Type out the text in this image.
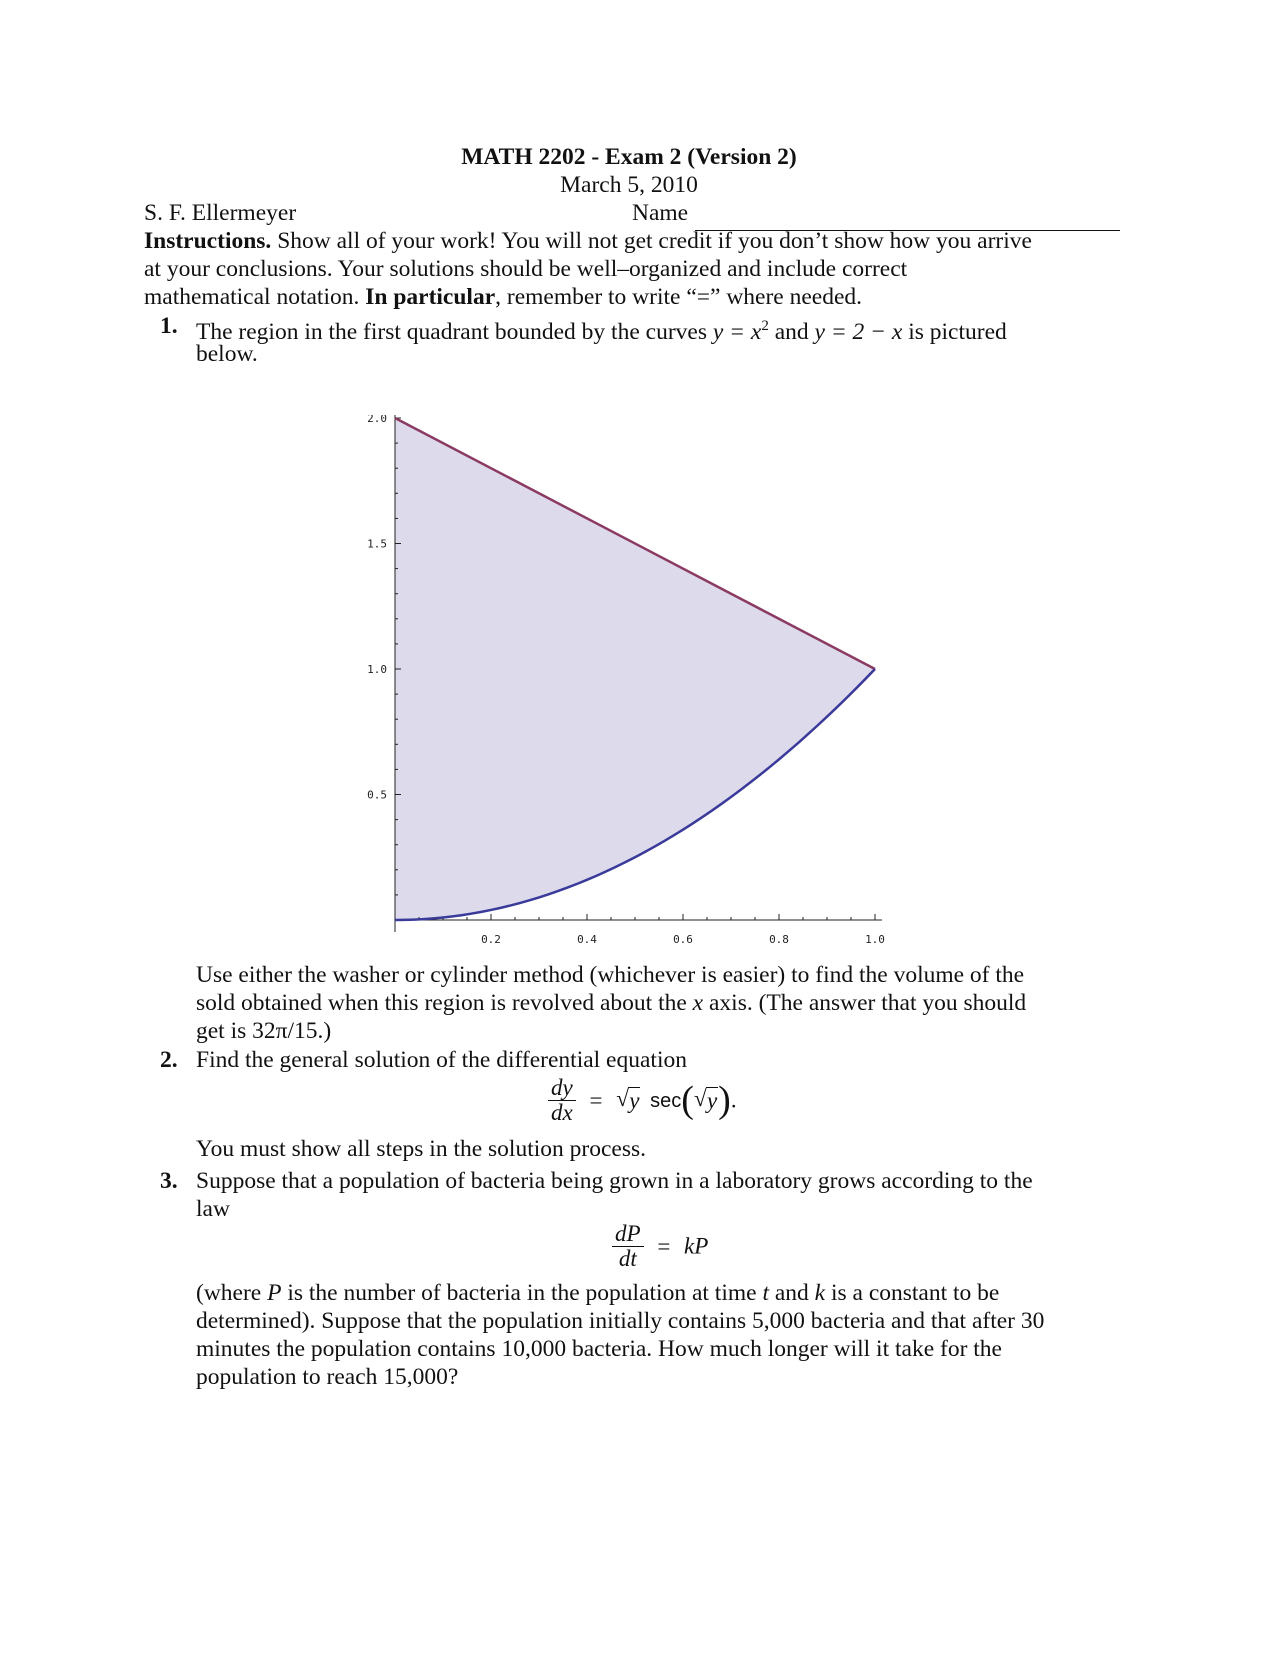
MATH 2202 - Exam 2 (Version 2)
March 5, 2010
S. F. Ellermeyer	Name
Instructions. Show all of your work! You will not get credit if you don’t show how you arrive
at your conclusions. Your solutions should be well–organized and include correct
mathematical notation. In particular, remember to write “=” where needed.
1. The region in the first quadrant bounded by the curves $y = x^2$ and y = 2 − x is pictured
below.
0.2	0.4	0.6	0.8	1.0
0.5
1.0
1.5
2.0
Use either the washer or cylinder method (whichever is easier) to find the volume of the
sold obtained when this region is revolved about the x axis. (The answer that you should
get is 32π/15.)
2. Find the general solution of the differential equation
$\frac{dy}{dx}$ = √ y sec( √ y).
You must show all steps in the solution process.
3. Suppose that a population of bacteria being grown in a laboratory grows according to the
law
$\frac{dP}{dt}$ = kP
(where P is the number of bacteria in the population at time t and k is a constant to be
determined). Suppose that the population initially contains 5,000 bacteria and that after 30
minutes the population contains 10,000 bacteria. How much longer will it take for the
population to reach 15,000?
